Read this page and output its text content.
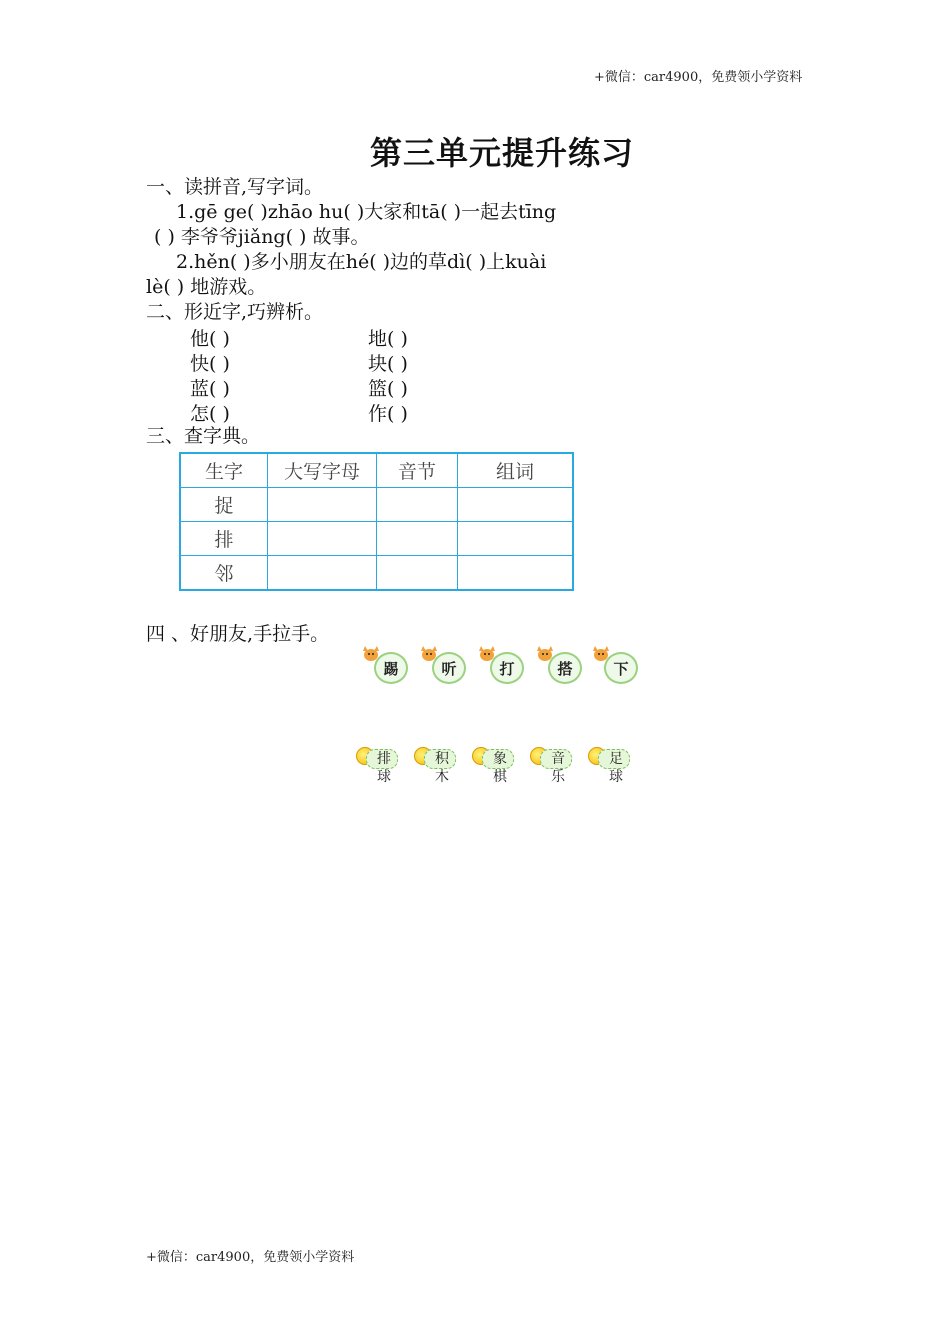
+微信：car4900，免费领小学资料
第三单元提升练习
一、读拼音,写字词。
1.gē ge( )zhāo hu( )大家和tā( )一起去tīng
( ) 李爷爷jiǎng( ) 故事。
2.hěn( )多小朋友在hé( )边的草dì( )上kuài
lè( ) 地游戏。
二、形近字,巧辨析。
他( )	地( )
快( )	块( )
蓝( )	篮( )
怎( )	作( )
三、查字典。
生字	大写字母	音节	组词
捉			
排			
邻			
四 、好朋友,手拉手。
踢	听	打	搭	下
排球
积木
象棋
音乐
足球
+微信：car4900，免费领小学资料
